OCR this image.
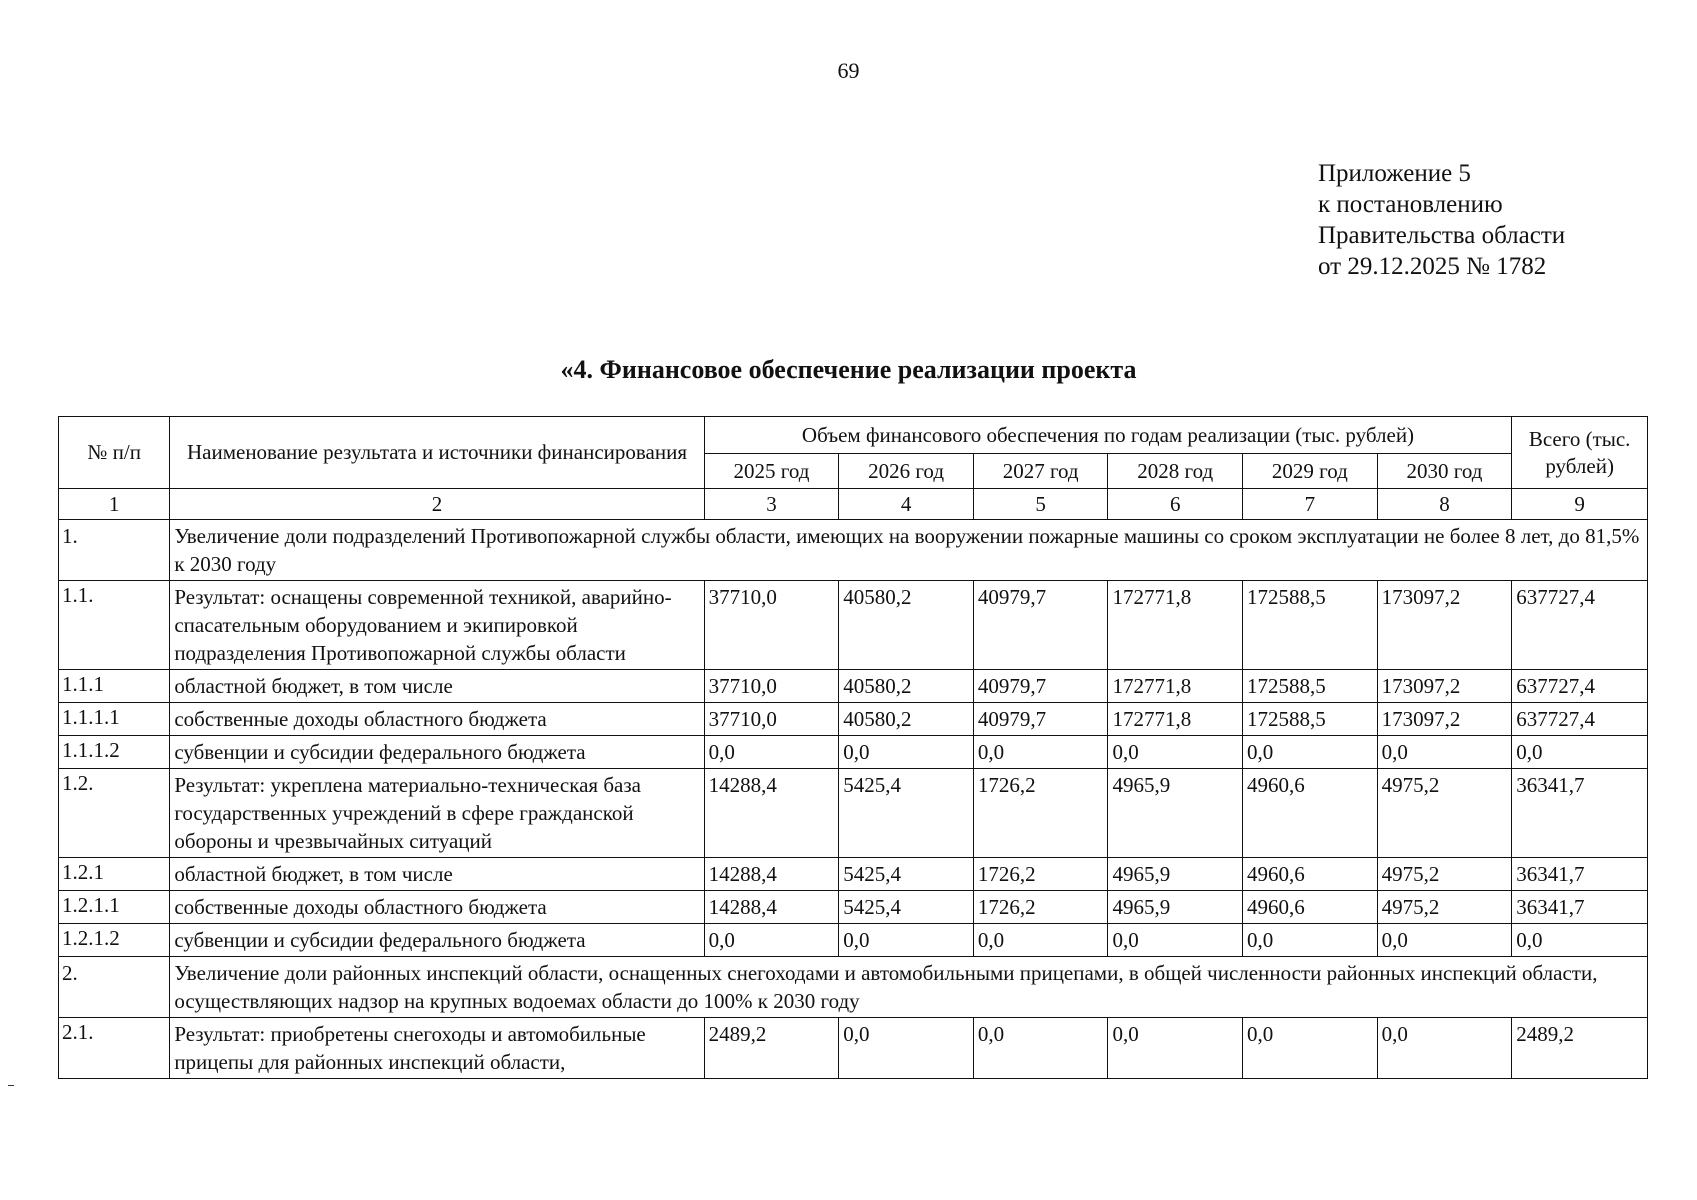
69
Приложение 5
к постановлению
Правительства области
от 29.12.2025 № 1782
«4. Финансовое обеспечение реализации проекта
№ п/п	Наименование результата и источники финансирования	Объем финансового обеспечения по годам реализации (тыс. рублей)						Всего (тыс. рублей)
		2025 год	2026 год	2027 год	2028 год	2029 год	2030 год	
1	2	3	4	5	6	7	8	9
1.	Увеличение доли подразделений Противопожарной службы области, имеющих на вооружении пожарные машины со сроком эксплуатации не более 8 лет, до 81,5% к 2030 году							
1.1.	Результат: оснащены современной техникой, аварийно-спасательным оборудованием и экипировкой подразделения Противопожарной службы области	37710,0	40580,2	40979,7	172771,8	172588,5	173097,2	637727,4
1.1.1	областной бюджет, в том числе	37710,0	40580,2	40979,7	172771,8	172588,5	173097,2	637727,4
1.1.1.1	собственные доходы областного бюджета	37710,0	40580,2	40979,7	172771,8	172588,5	173097,2	637727,4
1.1.1.2	субвенции и субсидии федерального бюджета	0,0	0,0	0,0	0,0	0,0	0,0	0,0
1.2.	Результат: укреплена материально-техническая база государственных учреждений в сфере гражданской обороны и чрезвычайных ситуаций	14288,4	5425,4	1726,2	4965,9	4960,6	4975,2	36341,7
1.2.1	областной бюджет, в том числе	14288,4	5425,4	1726,2	4965,9	4960,6	4975,2	36341,7
1.2.1.1	собственные доходы областного бюджета	14288,4	5425,4	1726,2	4965,9	4960,6	4975,2	36341,7
1.2.1.2	субвенции и субсидии федерального бюджета	0,0	0,0	0,0	0,0	0,0	0,0	0,0
2.	Увеличение доли районных инспекций области, оснащенных снегоходами и автомобильными прицепами, в общей численности районных инспекций области, осуществляющих надзор на крупных водоемах области до 100% к 2030 году							
2.1.	Результат: приобретены снегоходы и автомобильные прицепы для районных инспекций области,	2489,2	0,0	0,0	0,0	0,0	0,0	2489,2
